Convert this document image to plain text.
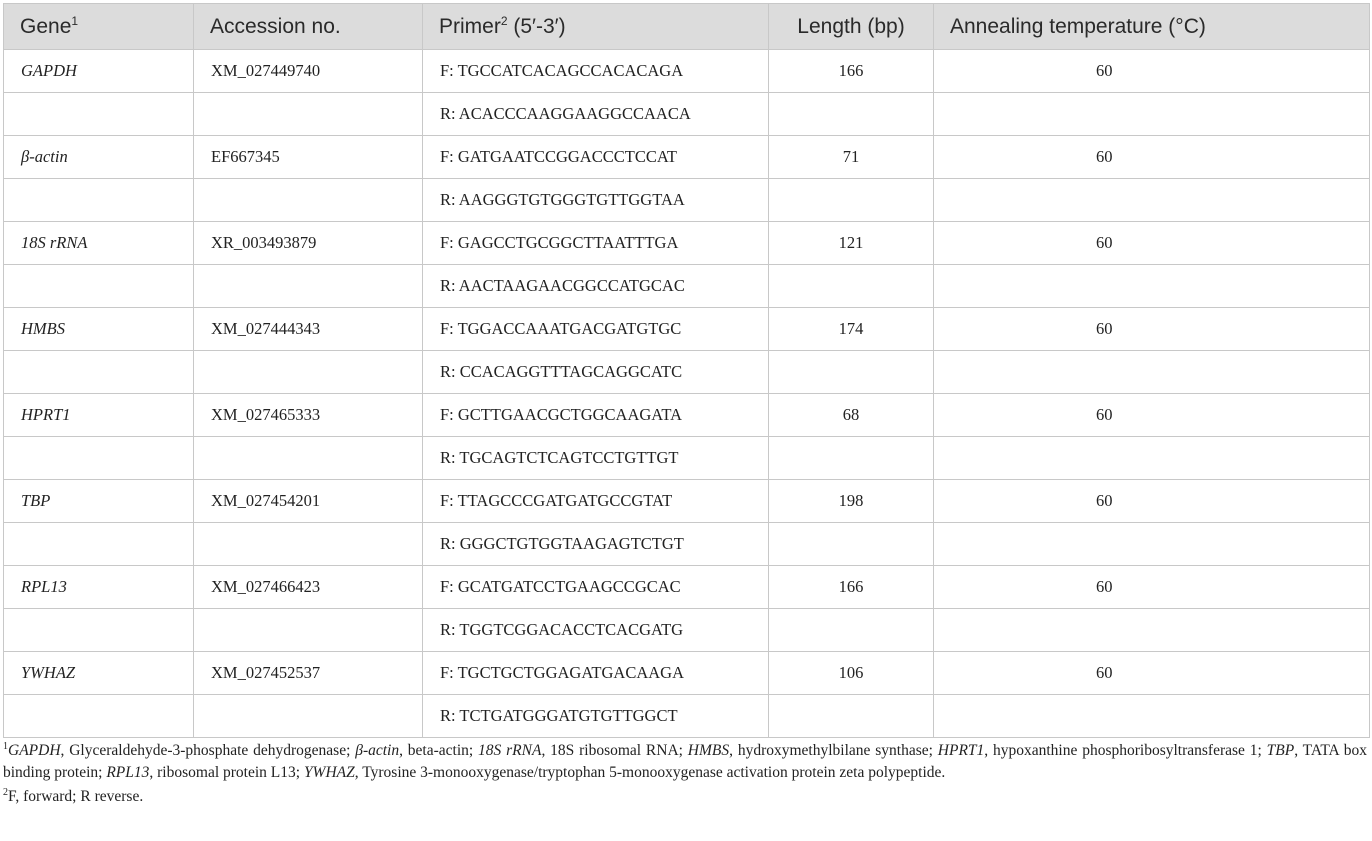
Gene$^1$	Accession no.	Primer$^2$ (5′-3′)	Length (bp)	Annealing temperature (°C)
GAPDH	XM_027449740	F: TGCCATCACAGCCACACAGA	166	60
		R: ACACCCAAGGAAGGCCAACA		
β-actin	EF667345	F: GATGAATCCGGACCCTCCAT	71	60
		R: AAGGGTGTGGGTGTTGGTAA		
18S rRNA	XR_003493879	F: GAGCCTGCGGCTTAATTTGA	121	60
		R: AACTAAGAACGGCCATGCAC		
HMBS	XM_027444343	F: TGGACCAAATGACGATGTGC	174	60
		R: CCACAGGTTTAGCAGGCATC		
HPRT1	XM_027465333	F: GCTTGAACGCTGGCAAGATA	68	60
		R: TGCAGTCTCAGTCCTGTTGT		
TBP	XM_027454201	F: TTAGCCCGATGATGCCGTAT	198	60
		R: GGGCTGTGGTAAGAGTCTGT		
RPL13	XM_027466423	F: GCATGATCCTGAAGCCGCAC	166	60
		R: TGGTCGGACACCTCACGATG		
YWHAZ	XM_027452537	F: TGCTGCTGGAGATGACAAGA	106	60
		R: TCTGATGGGATGTGTTGGCT		
$^1$GAPDH, Glyceraldehyde-3-phosphate dehydrogenase; β-actin, beta-actin; 18S rRNA, 18S ribosomal RNA; HMBS, hydroxymethylbilane synthase; HPRT1, hypoxanthine phosphoribosyltransferase 1; TBP, TATA box binding protein; RPL13, ribosomal protein L13; YWHAZ, Tyrosine 3-monooxygenase/tryptophan 5-monooxygenase activation protein zeta polypeptide.
$^2$F, forward; R reverse.
